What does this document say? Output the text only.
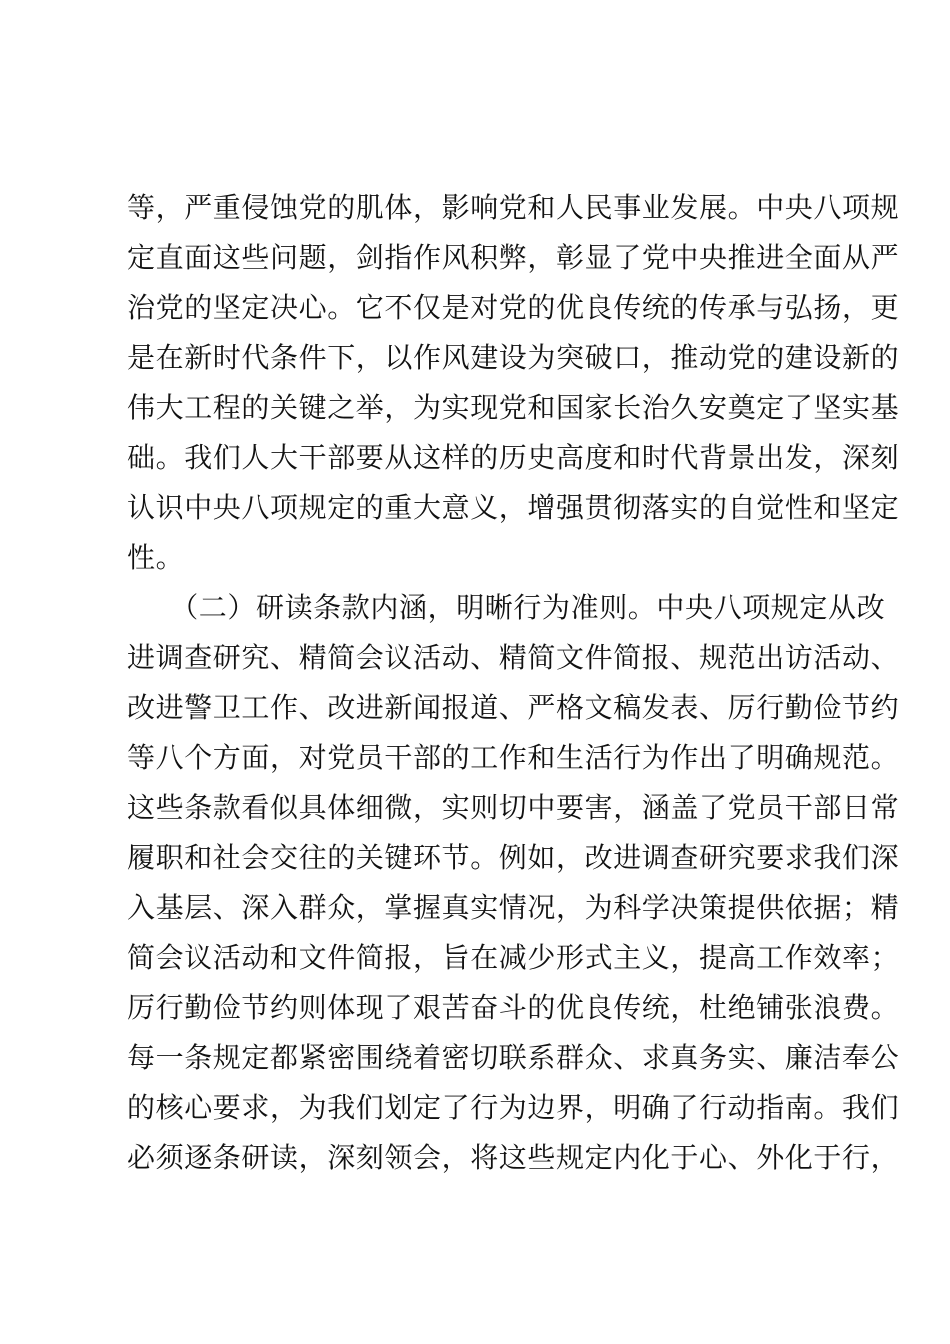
等，严重侵蚀党的肌体，影响党和人民事业发展。中央八项规
定直面这些问题，剑指作风积弊，彰显了党中央推进全面从严
治党的坚定决心。它不仅是对党的优良传统的传承与弘扬，更
是在新时代条件下，以作风建设为突破口，推动党的建设新的
伟大工程的关键之举，为实现党和国家长治久安奠定了坚实基
础。我们人大干部要从这样的历史高度和时代背景出发，深刻
认识中央八项规定的重大意义，增强贯彻落实的自觉性和坚定
性。
　　（二）研读条款内涵，明晰行为准则。中央八项规定从改
进调查研究、精简会议活动、精简文件简报、规范出访活动、
改进警卫工作、改进新闻报道、严格文稿发表、厉行勤俭节约
等八个方面，对党员干部的工作和生活行为作出了明确规范。
这些条款看似具体细微，实则切中要害，涵盖了党员干部日常
履职和社会交往的关键环节。例如，改进调查研究要求我们深
入基层、深入群众，掌握真实情况，为科学决策提供依据；精
简会议活动和文件简报，旨在减少形式主义，提高工作效率；
厉行勤俭节约则体现了艰苦奋斗的优良传统，杜绝铺张浪费。
每一条规定都紧密围绕着密切联系群众、求真务实、廉洁奉公
的核心要求，为我们划定了行为边界，明确了行动指南。我们
必须逐条研读，深刻领会，将这些规定内化于心、外化于行，
